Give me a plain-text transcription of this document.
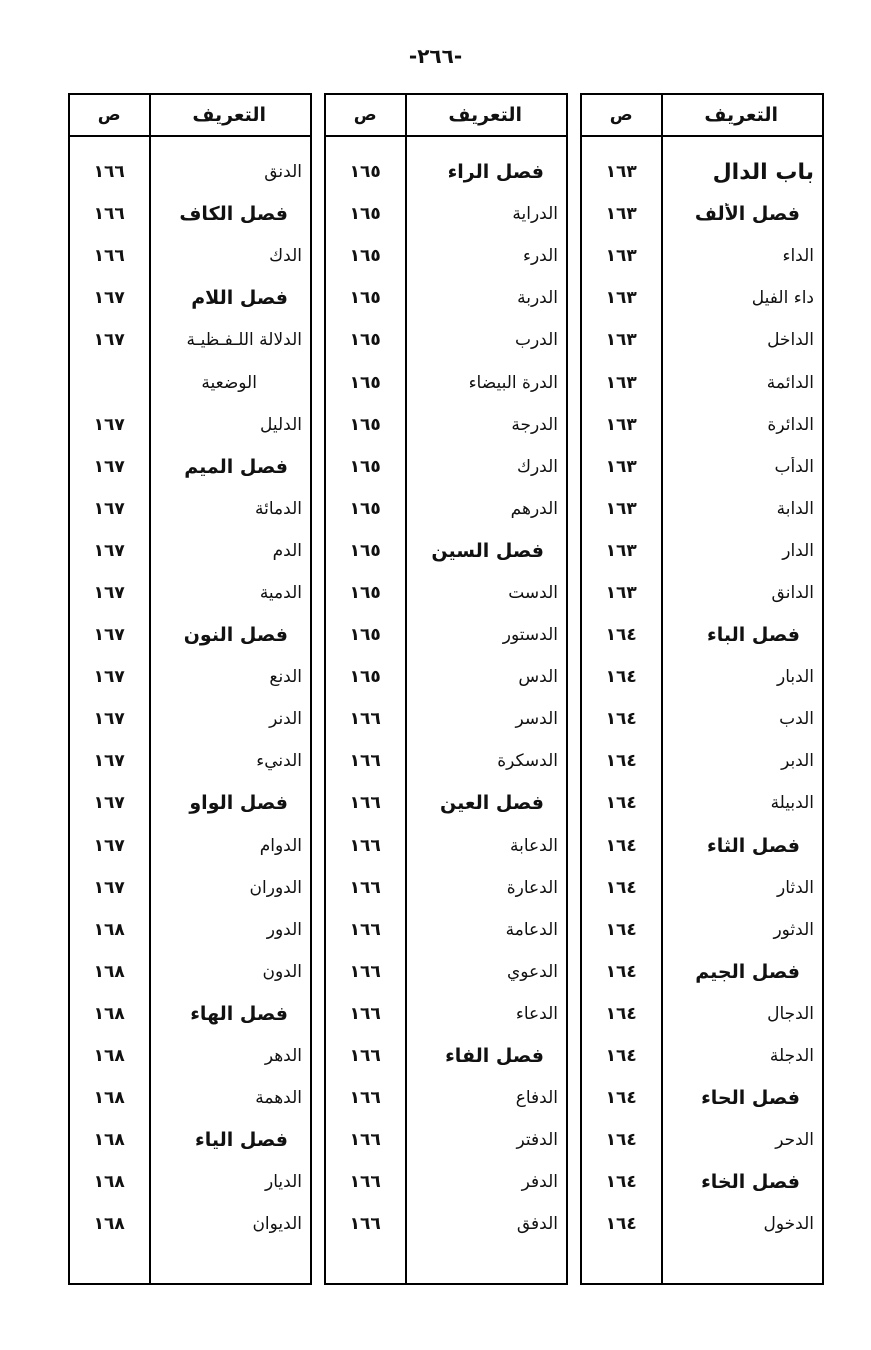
-٢٦٦-
التعريف
ص
باب الدال
١٦٣
فصل الألف
١٦٣
الداء
١٦٣
داء الفيل
١٦٣
الداخل
١٦٣
الدائمة
١٦٣
الدائرة
١٦٣
الدأب
١٦٣
الدابة
١٦٣
الدار
١٦٣
الدانق
١٦٣
فصل الباء
١٦٤
الدبار
١٦٤
الدب
١٦٤
الدبر
١٦٤
الدبيلة
١٦٤
فصل الثاء
١٦٤
الدثار
١٦٤
الدثور
١٦٤
فصل الجيم
١٦٤
الدجال
١٦٤
الدجلة
١٦٤
فصل الحاء
١٦٤
الدحر
١٦٤
فصل الخاء
١٦٤
الدخول
١٦٤
التعريف
ص
فصل الراء
١٦٥
الدراية
١٦٥
الدرء
١٦٥
الدربة
١٦٥
الدرب
١٦٥
الدرة البيضاء
١٦٥
الدرجة
١٦٥
الدرك
١٦٥
الدرهم
١٦٥
فصل السين
١٦٥
الدست
١٦٥
الدستور
١٦٥
الدس
١٦٥
الدسر
١٦٦
الدسكرة
١٦٦
فصل العين
١٦٦
الدعابة
١٦٦
الدعارة
١٦٦
الدعامة
١٦٦
الدعوي
١٦٦
الدعاء
١٦٦
فصل الفاء
١٦٦
الدفاع
١٦٦
الدفتر
١٦٦
الدفر
١٦٦
الدفق
١٦٦
التعريف
ص
الدنق
١٦٦
فصل الكاف
١٦٦
الدك
١٦٦
فصل اللام
١٦٧
الدلالة اللـفـظيـة
١٦٧
الوضعية
الدليل
١٦٧
فصل الميم
١٦٧
الدمائة
١٦٧
الدم
١٦٧
الدمية
١٦٧
فصل النون
١٦٧
الدنع
١٦٧
الدنر
١٦٧
الدنيء
١٦٧
فصل الواو
١٦٧
الدوام
١٦٧
الدوران
١٦٧
الدور
١٦٨
الدون
١٦٨
فصل الهاء
١٦٨
الدهر
١٦٨
الدهمة
١٦٨
فصل الياء
١٦٨
الديار
١٦٨
الديوان
١٦٨
